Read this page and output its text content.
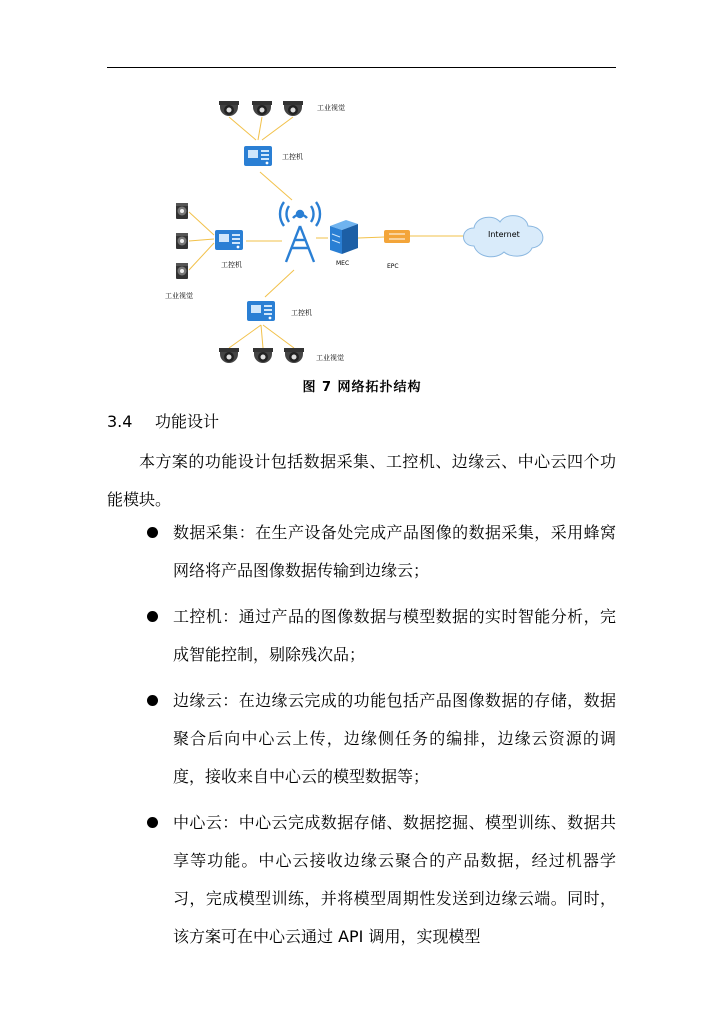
工业视觉
工控机
工业视觉
工控机	MEC	EPC
Internet
工控机
工业视觉
图 7 网络拓扑结构
3.4 功能设计
本方案的功能设计包括数据采集、工控机、边缘云、中心云四个功能模块。
数据采集：在生产设备处完成产品图像的数据采集，采用蜂窝网络将产品图像数据传输到边缘云；
工控机：通过产品的图像数据与模型数据的实时智能分析，完成智能控制，剔除残次品；
边缘云：在边缘云完成的功能包括产品图像数据的存储，数据聚合后向中心云上传，边缘侧任务的编排，边缘云资源的调度，接收来自中心云的模型数据等；
中心云：中心云完成数据存储、数据挖掘、模型训练、数据共享等功能。中心云接收边缘云聚合的产品数据，经过机器学习，完成模型训练，并将模型周期性发送到边缘云端。同时，该方案可在中心云通过 API 调用，实现模型
